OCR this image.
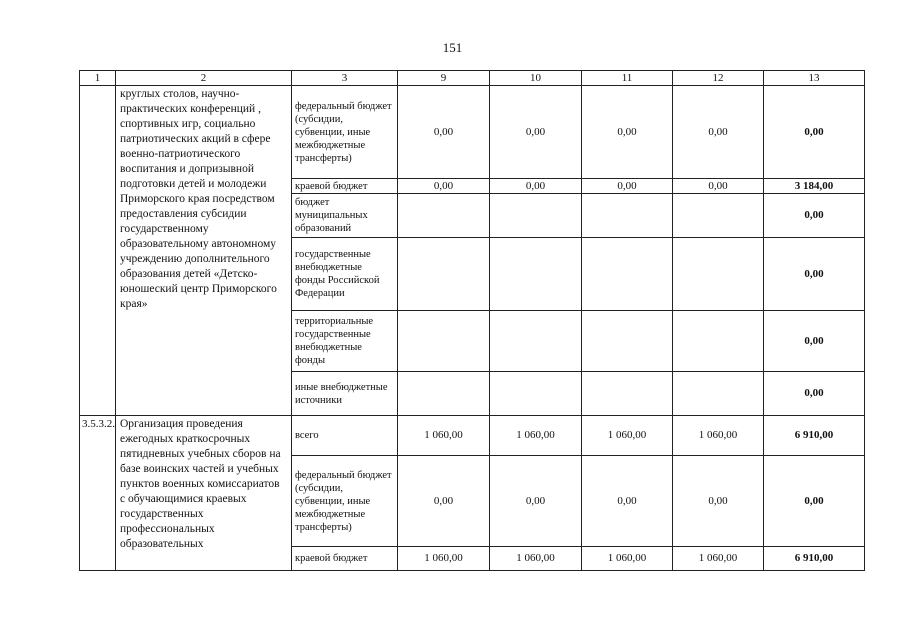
151
1	2	3	9	10	11	12	13
	круглых столов, научно-практических конференций , спортивных игр, социально патриотических акций в сфере военно-патриотического воспитания и допризывной подготовки детей и молодежи Приморского края посредством предоставления субсидии государственному образовательному автономному учреждению дополнительного образования детей «Детско-юношеский центр Приморского края»	федеральный бюджет (субсидии, субвенции, иные межбюджетные трансферты)	0,00	0,00	0,00	0,00	0,00
		краевой бюджет	0,00	0,00	0,00	0,00	3 184,00
		бюджет муниципальных образований					0,00
		государственные внебюджетные фонды Российской Федерации					0,00
		территориальные государственные внебюджетные фонды					0,00
		иные внебюджетные источники					0,00
3.5.3.2.	Организация проведения ежегодных краткосрочных пятидневных учебных сборов на базе воинских частей и учебных пунктов военных комиссариатов с обучающимися краевых государственных профессиональных образовательных	всего	1 060,00	1 060,00	1 060,00	1 060,00	6 910,00
		федеральный бюджет (субсидии, субвенции, иные межбюджетные трансферты)	0,00	0,00	0,00	0,00	0,00
		краевой бюджет	1 060,00	1 060,00	1 060,00	1 060,00	6 910,00
